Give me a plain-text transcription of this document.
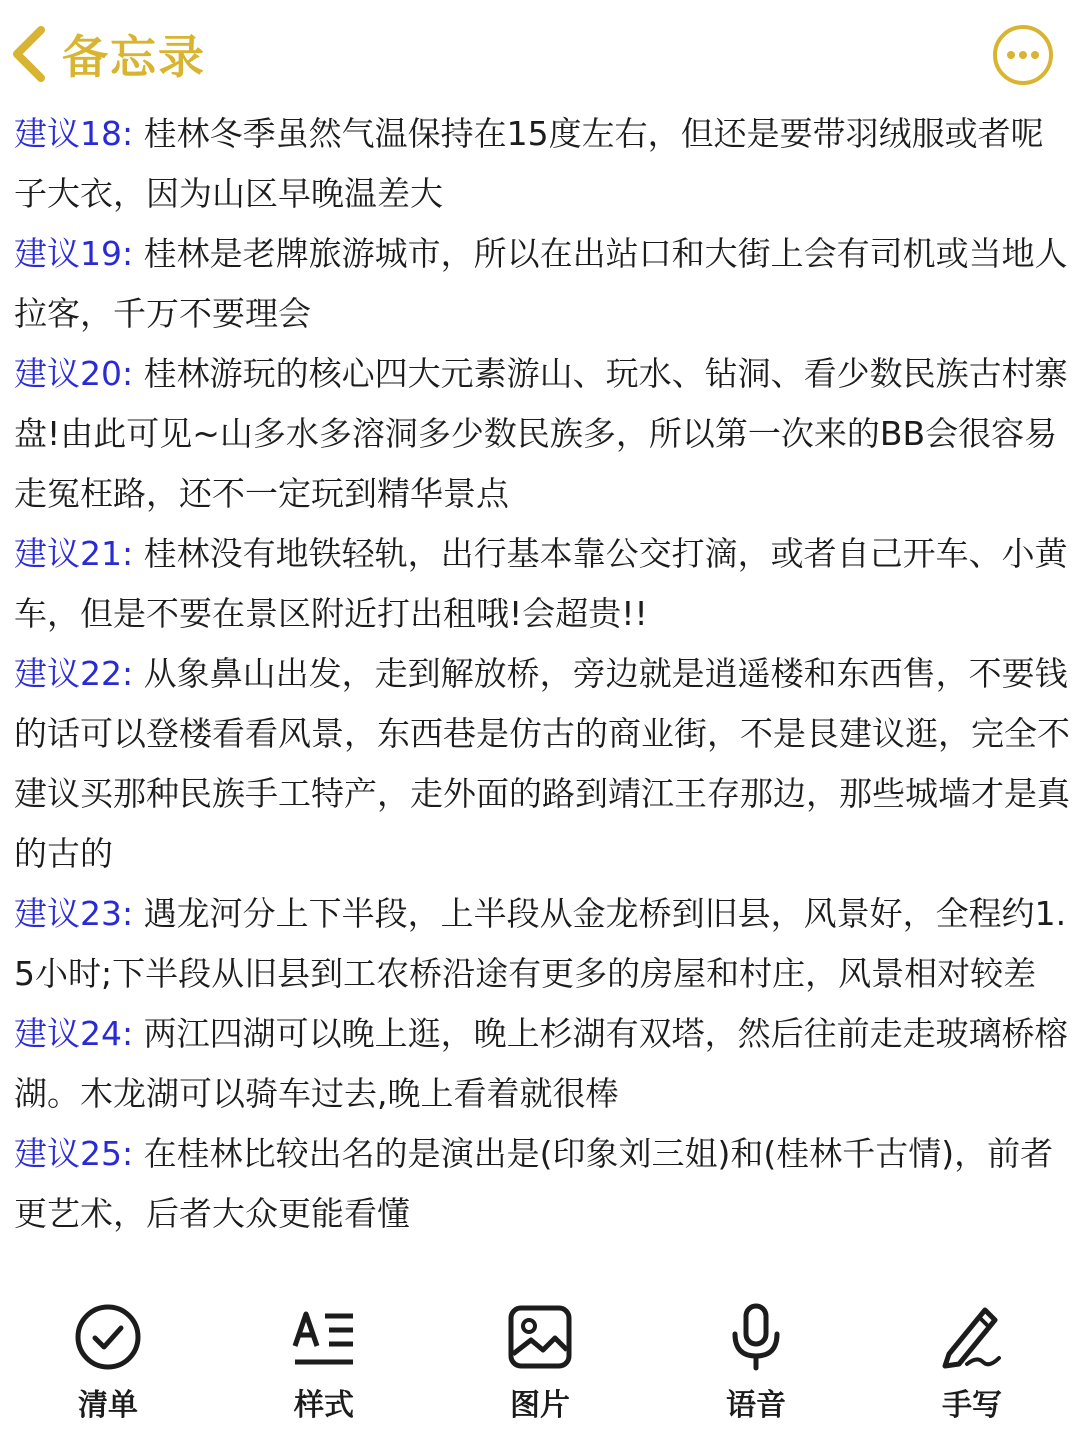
备忘录

建议18: 桂林冬季虽然气温保持在15度左右，但还是要带羽绒服或者呢子大衣，因为山区早晚温差大

建议19: 桂林是老牌旅游城市，所以在出站口和大街上会有司机或当地人拉客，千万不要理会

建议20: 桂林游玩的核心四大元素游山、玩水、钻洞、看少数民族古村寨盘!由此可见~山多水多溶洞多少数民族多，所以第一次来的BB会很容易走冤枉路，还不一定玩到精华景点

建议21: 桂林没有地铁轻轨，出行基本靠公交打滴，或者自己开车、小黄车，但是不要在景区附近打出租哦!会超贵!!

建议22: 从象鼻山出发，走到解放桥，旁边就是逍遥楼和东西售，不要钱的话可以登楼看看风景，东西巷是仿古的商业街，不是艮建议逛，完全不建议买那种民族手工特产，走外面的路到靖江王存那边，那些城墙才是真的古的

建议23: 遇龙河分上下半段，上半段从金龙桥到旧县，风景好，全程约1.5小时;下半段从旧县到工农桥沿途有更多的房屋和村庄，风景相对较差

建议24: 两江四湖可以晚上逛，晚上杉湖有双塔，然后往前走走玻璃桥榕湖。木龙湖可以骑车过去,晚上看着就很棒

建议25: 在桂林比较出名的是演出是(印象刘三姐)和(桂林千古情)，前者更艺术，后者大众更能看懂

清单	样式	图片	语音	手写
